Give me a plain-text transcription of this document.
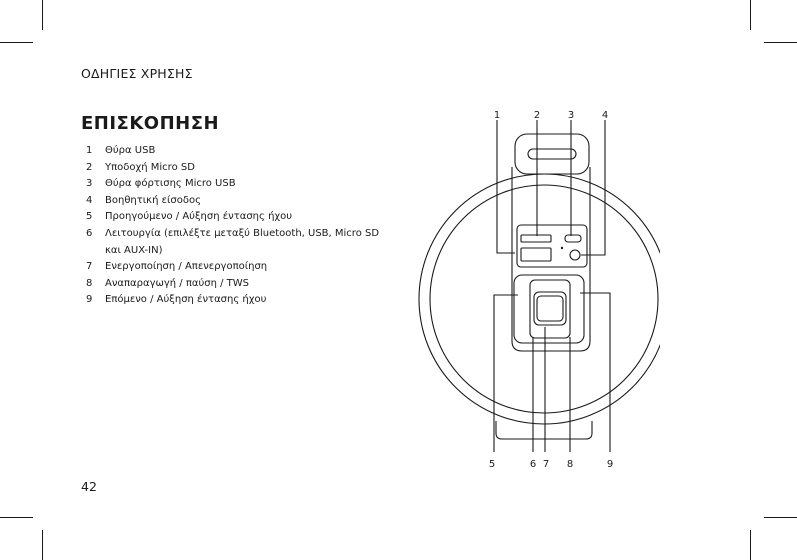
ΟΔΗΓΙΕΣ ΧΡΗΣΗΣ
ΕΠΙΣΚΟΠΗΣΗ
1	Θύρα USB
2	Υποδοχή Micro SD
3	Θύρα φόρτισης Micro USB
4	Βοηθητική είσοδος
5	Προηγούμενο / Αύξηση έντασης ήχου
6	Λειτουργία (επιλέξτε μεταξύ Bluetooth, USB, Micro SD και AUX-IN)
7	Ενεργοποίηση / Απενεργοποίηση
8	Αναπαραγωγή / παύση / TWS
9	Επόμενο / Αύξηση έντασης ήχου
1	2	3	4
5	6 7 8	9
42
